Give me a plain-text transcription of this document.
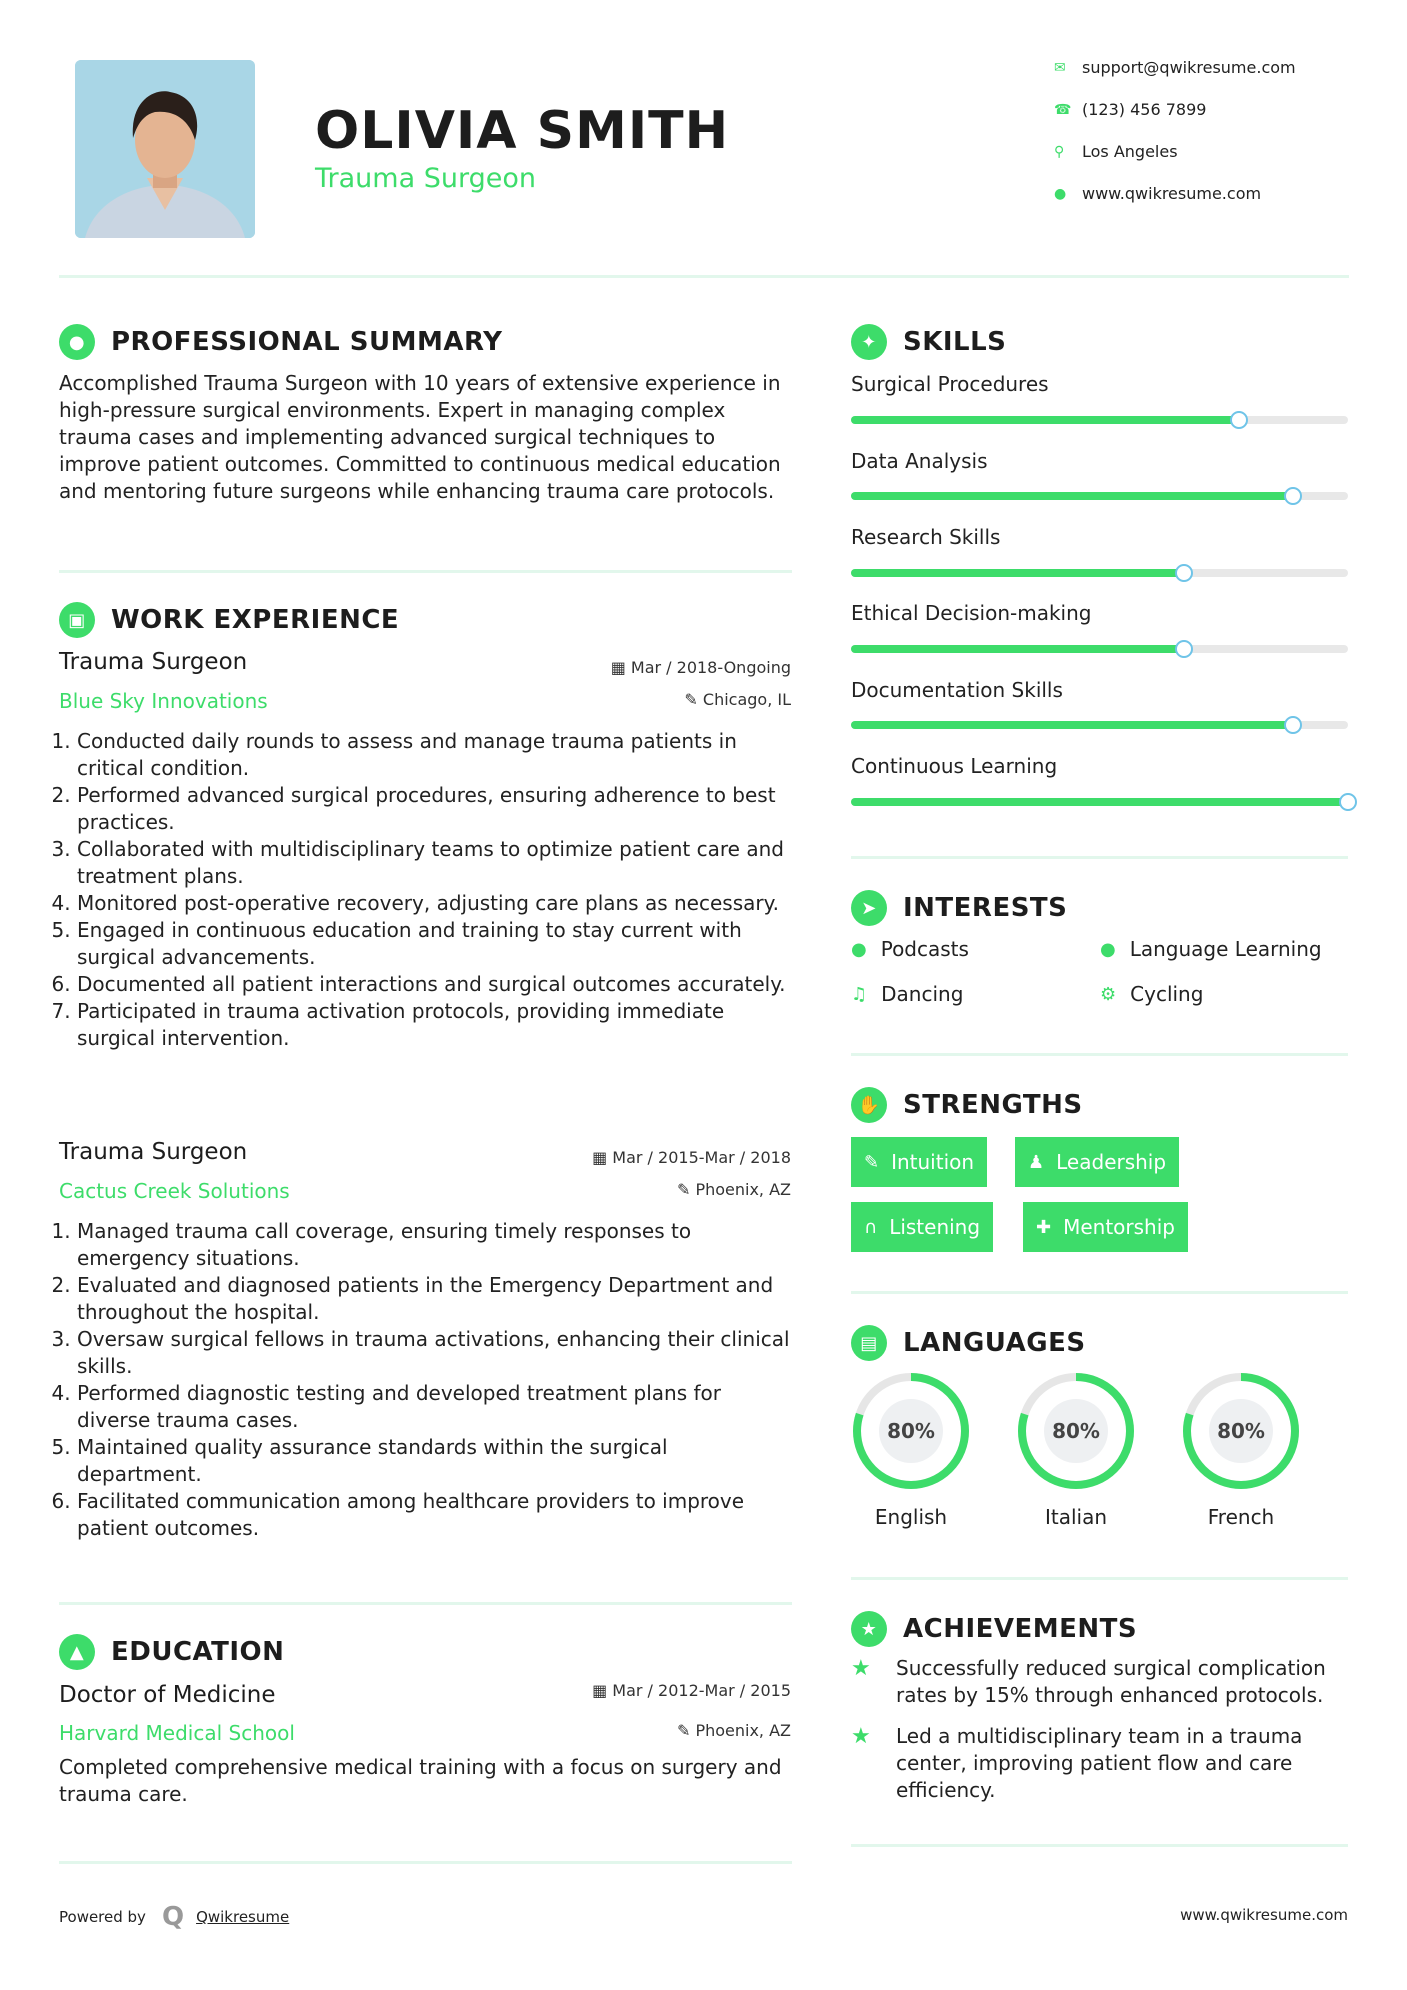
OLIVIA SMITH
Trauma Surgeon
✉	support@qwikresume.com
☎ (123) 456 7899
⚲	Los Angeles
● www.qwikresume.com
● PROFESSIONAL SUMMARY
Accomplished Trauma Surgeon with 10 years of extensive experience in high-pressure surgical environments. Expert in managing complex trauma cases and implementing advanced surgical techniques to improve patient outcomes. Committed to continuous medical education and mentoring future surgeons while enhancing trauma care protocols.
▣ WORK EXPERIENCE
Trauma Surgeon
Blue Sky Innovations
▦ Mar / 2018-Ongoing
✎ Chicago, IL
1. Conducted daily rounds to assess and manage trauma patients in critical condition.
2. Performed advanced surgical procedures, ensuring adherence to best practices.
3. Collaborated with multidisciplinary teams to optimize patient care and treatment plans.
4. Monitored post-operative recovery, adjusting care plans as necessary.
5. Engaged in continuous education and training to stay current with surgical advancements.
6. Documented all patient interactions and surgical outcomes accurately.
7. Participated in trauma activation protocols, providing immediate surgical intervention.
Trauma Surgeon
Cactus Creek Solutions
▦ Mar / 2015-Mar / 2018
✎ Phoenix, AZ
1. Managed trauma call coverage, ensuring timely responses to emergency situations.
2. Evaluated and diagnosed patients in the Emergency Department and throughout the hospital.
3. Oversaw surgical fellows in trauma activations, enhancing their clinical skills.
4. Performed diagnostic testing and developed treatment plans for diverse trauma cases.
5. Maintained quality assurance standards within the surgical department.
6. Facilitated communication among healthcare providers to improve patient outcomes.
▲	EDUCATION
Doctor of Medicine
Harvard Medical School
▦ Mar / 2012-Mar / 2015
✎ Phoenix, AZ
Completed comprehensive medical training with a focus on surgery and trauma care.
✦	SKILLS
Surgical Procedures
Data Analysis
Research Skills
Ethical Decision-making
Documentation Skills
Continuous Learning
➤	INTERESTS
● Podcasts	● Language Learning
♫ Dancing	⚙ Cycling
✋ STRENGTHS
✎ Intuition	♟ Leadership
∩ Listening	✚ Mentorship
▤ LANGUAGES
80%
English
80%
Italian
80%
French
★ ACHIEVEMENTS
★	Successfully reduced surgical complication rates by 15% through enhanced protocols.
★	Led a multidisciplinary team in a trauma center, improving patient flow and care efficiency.
Powered by Q Qwikresume	www.qwikresume.com
